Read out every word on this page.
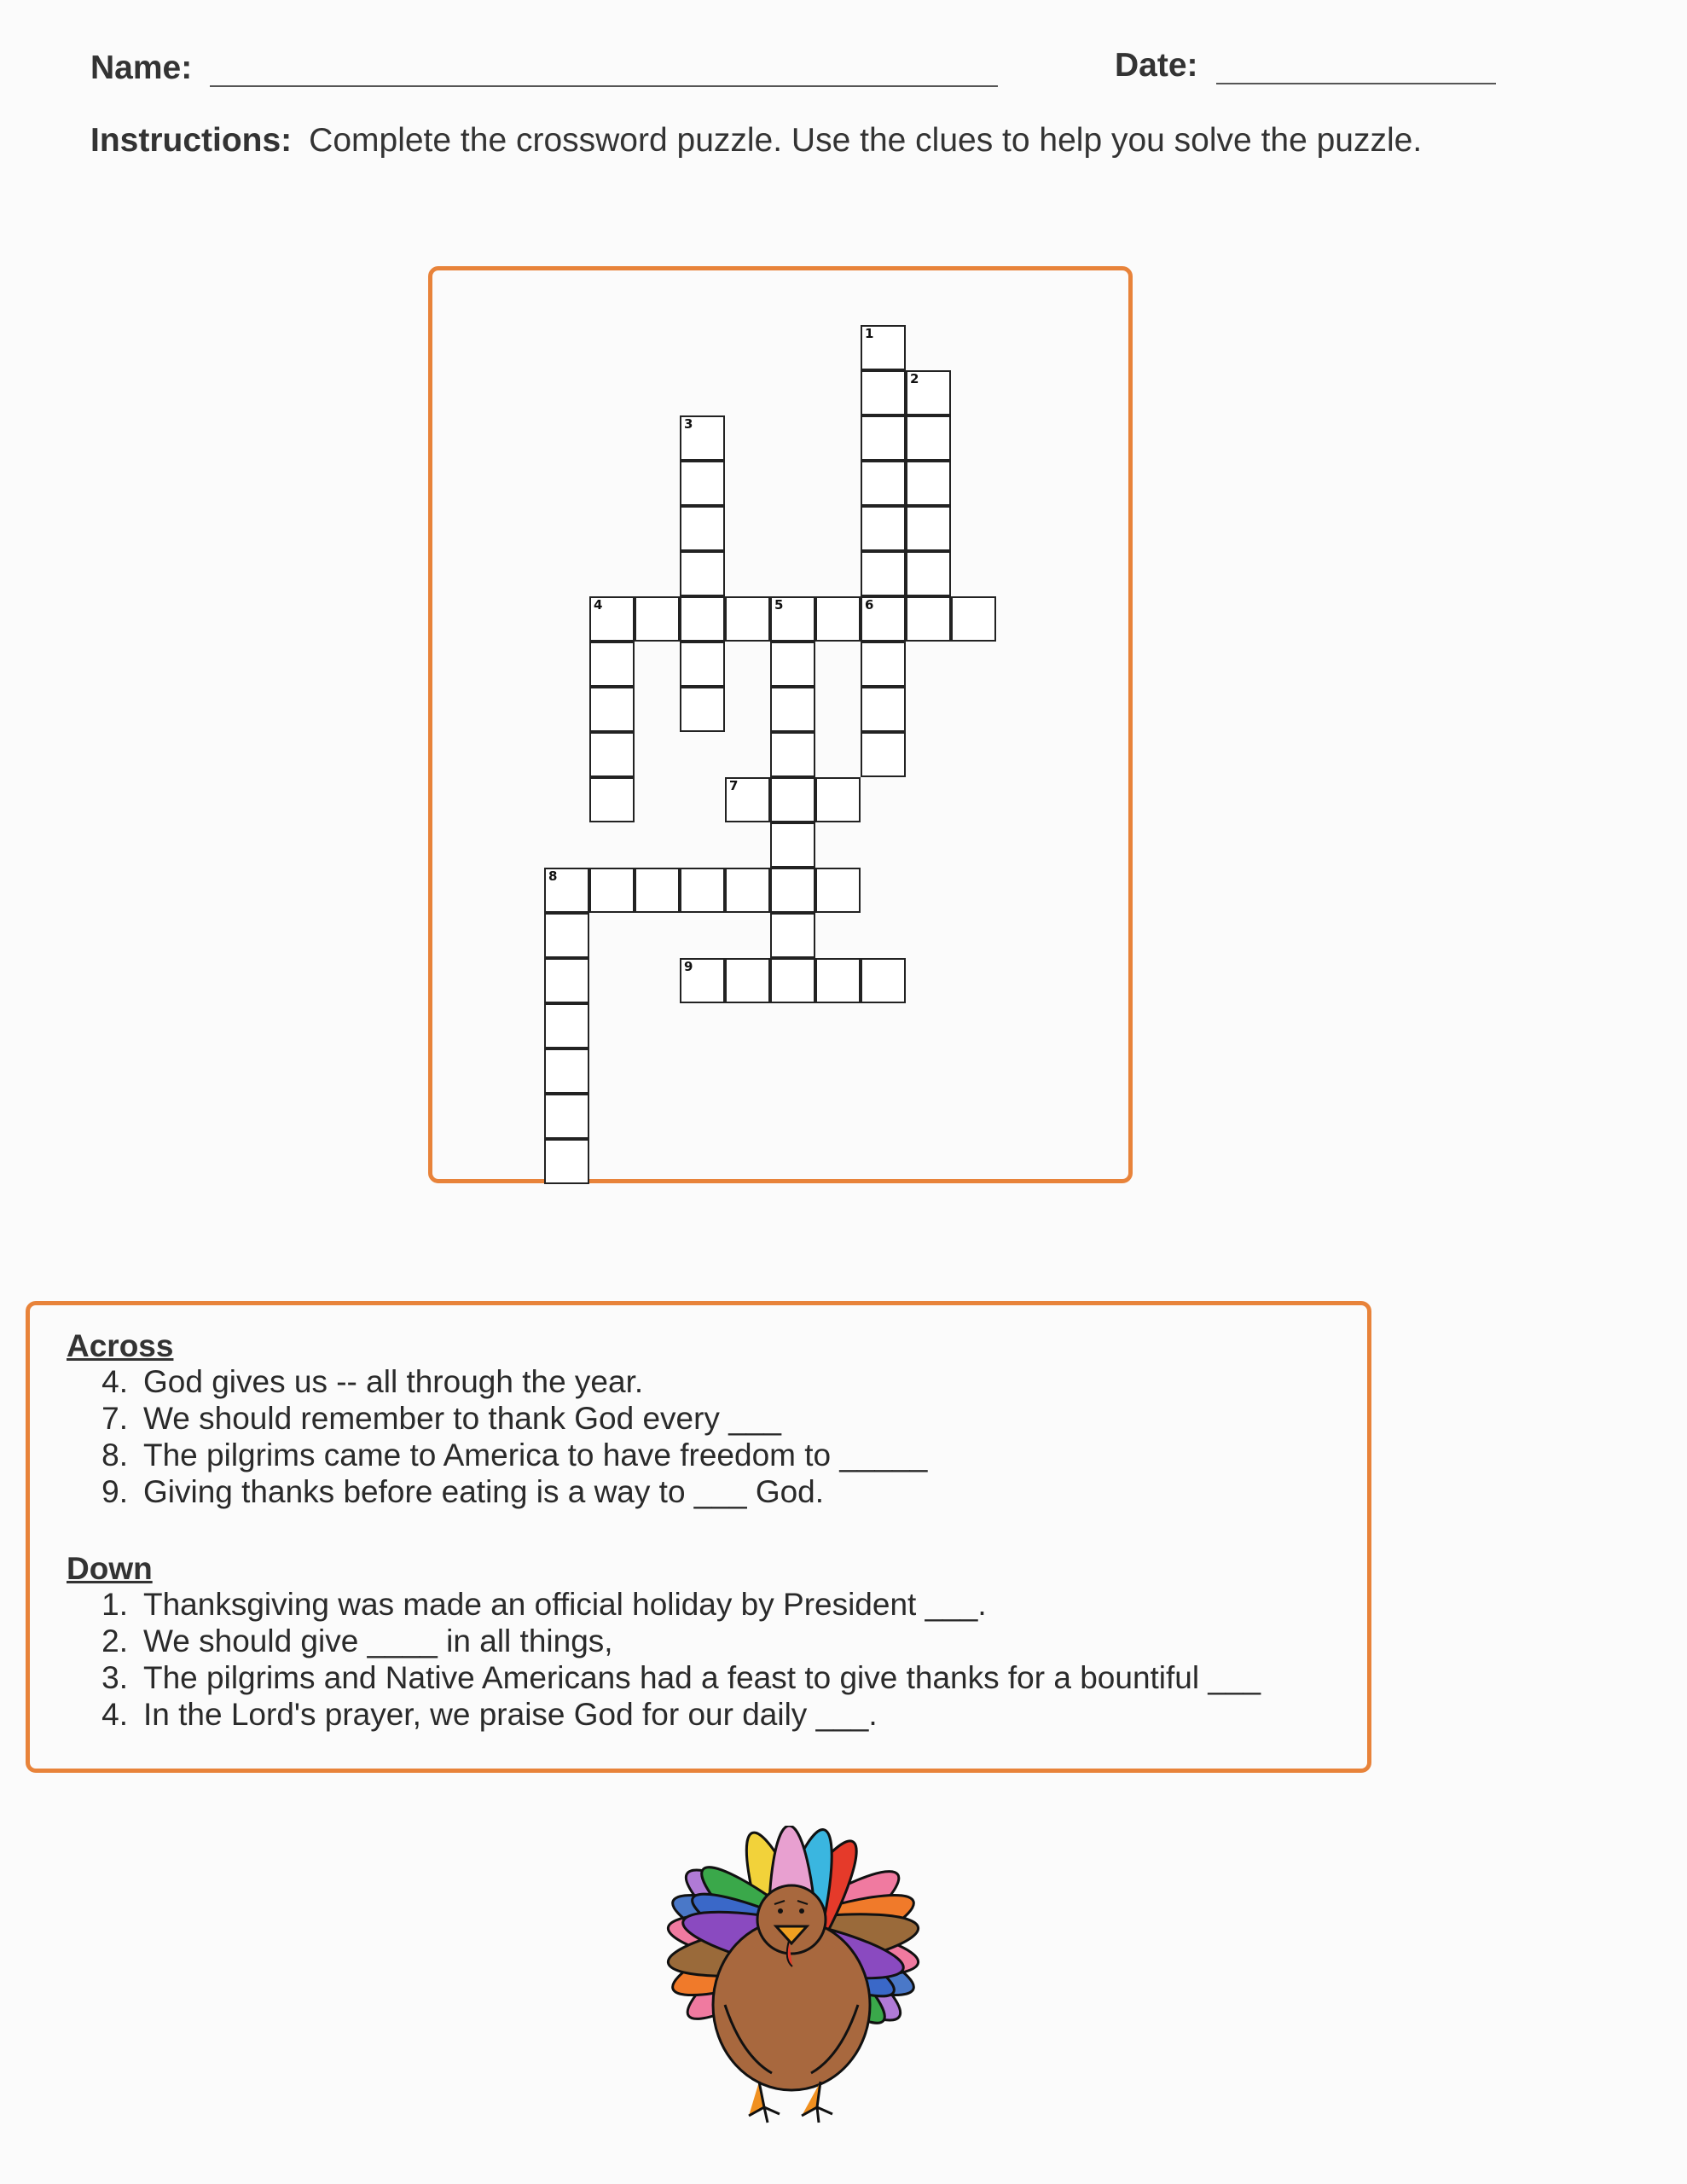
Name:	Date:
Instructions: Complete the crossword puzzle. Use the clues to help you solve the puzzle.
1
6
2
3
4	5
7
8
9
Across
4. God gives us -- all through the year.
7. We should remember to thank God every ___
8. The pilgrims came to America to have freedom to _____
9. Giving thanks before eating is a way to ___ God.
Down
1. Thanksgiving was made an official holiday by President ___.
2. We should give ____ in all things,
3. The pilgrims and Native Americans had a feast to give thanks for a bountiful ___
4. In the Lord's prayer, we praise God for our daily ___.
